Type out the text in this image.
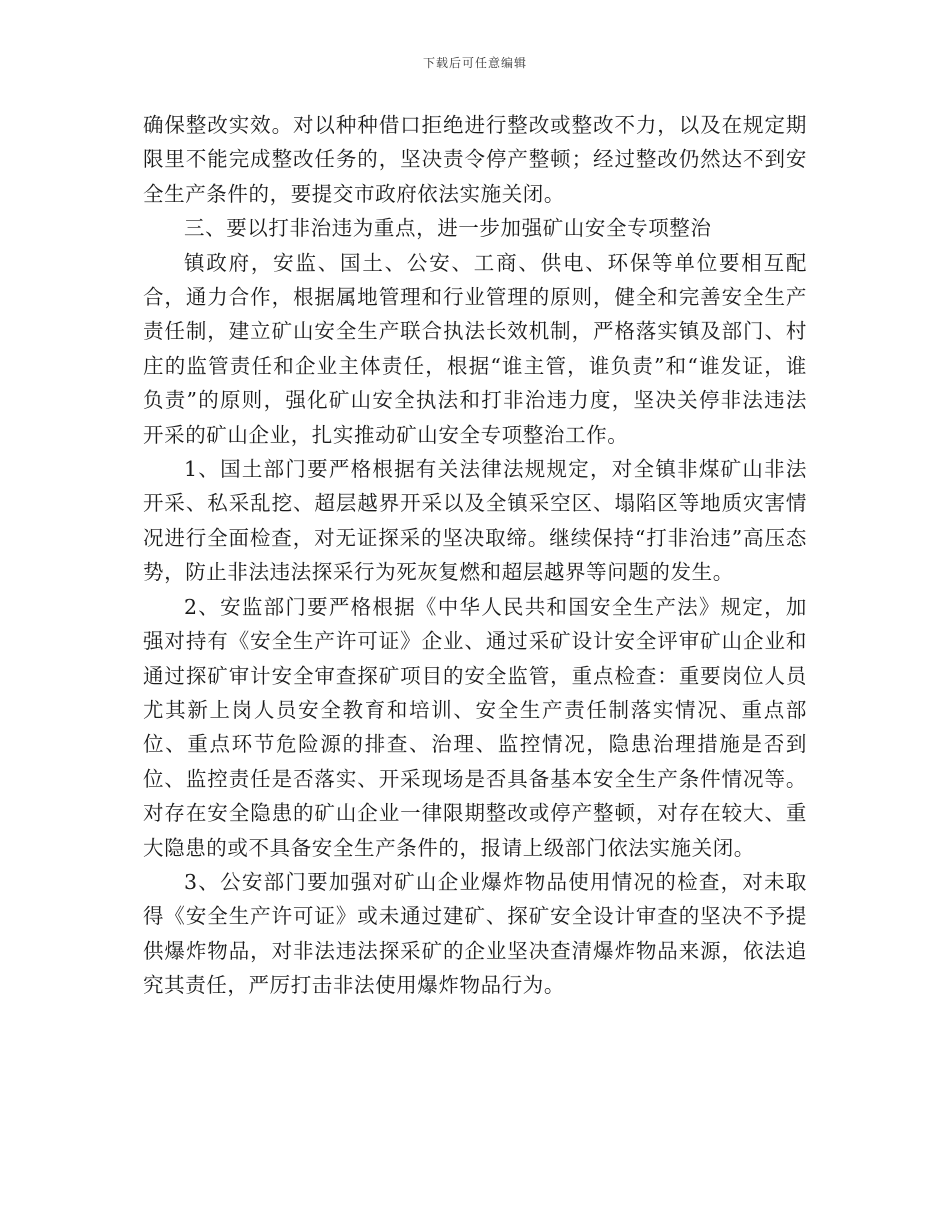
下载后可任意编辑

确保整改实效。对以种种借口拒绝进行整改或整改不力，以及在规定期限里不能完成整改任务的，坚决责令停产整顿；经过整改仍然达不到安全生产条件的，要提交市政府依法实施关闭。

三、要以打非治违为重点，进一步加强矿山安全专项整治

镇政府，安监、国土、公安、工商、供电、环保等单位要相互配合，通力合作，根据属地管理和行业管理的原则，健全和完善安全生产责任制，建立矿山安全生产联合执法长效机制，严格落实镇及部门、村庄的监管责任和企业主体责任，根据“谁主管，谁负责”和“谁发证，谁负责”的原则，强化矿山安全执法和打非治违力度，坚决关停非法违法开采的矿山企业，扎实推动矿山安全专项整治工作。

1、国土部门要严格根据有关法律法规规定，对全镇非煤矿山非法开采、私采乱挖、超层越界开采以及全镇采空区、塌陷区等地质灾害情况进行全面检查，对无证探采的坚决取缔。继续保持“打非治违”高压态势，防止非法违法探采行为死灰复燃和超层越界等问题的发生。

2、安监部门要严格根据《中华人民共和国安全生产法》规定，加强对持有《安全生产许可证》企业、通过采矿设计安全评审矿山企业和通过探矿审计安全审查探矿项目的安全监管，重点检查：重要岗位人员尤其新上岗人员安全教育和培训、安全生产责任制落实情况、重点部位、重点环节危险源的排查、治理、监控情况，隐患治理措施是否到位、监控责任是否落实、开采现场是否具备基本安全生产条件情况等。对存在安全隐患的矿山企业一律限期整改或停产整顿，对存在较大、重大隐患的或不具备安全生产条件的，报请上级部门依法实施关闭。

3、公安部门要加强对矿山企业爆炸物品使用情况的检查，对未取得《安全生产许可证》或未通过建矿、探矿安全设计审查的坚决不予提供爆炸物品，对非法违法探采矿的企业坚决查清爆炸物品来源，依法追究其责任，严厉打击非法使用爆炸物品行为。
